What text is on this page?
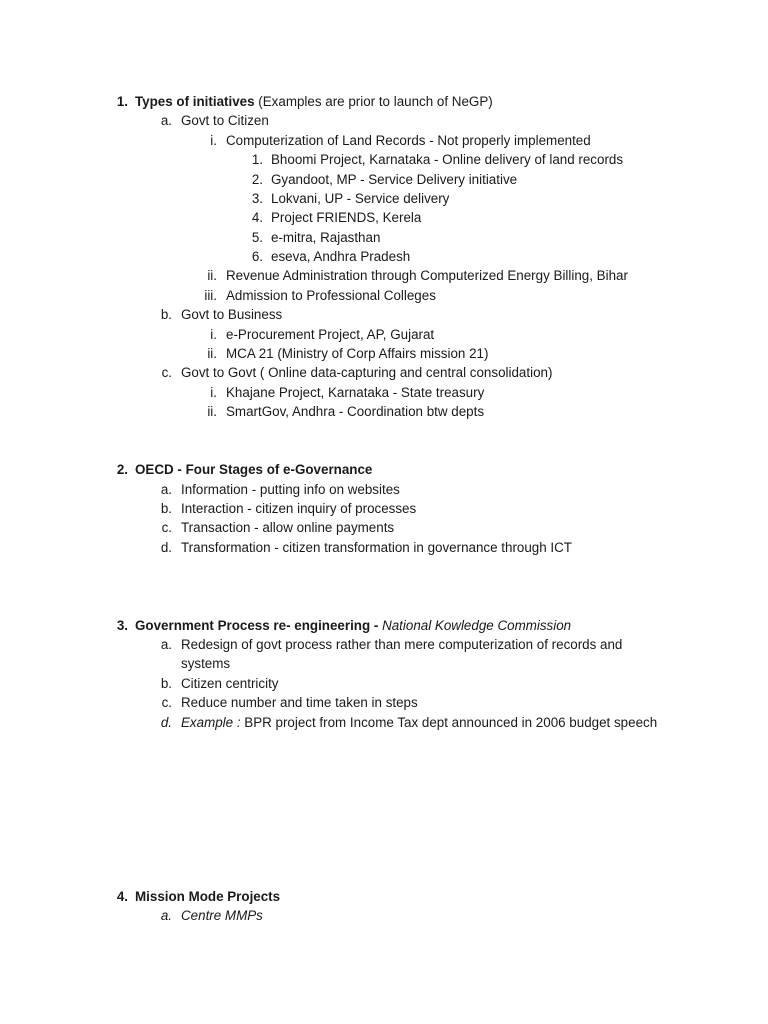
1. Types of initiatives (Examples are prior to launch of NeGP)
a. Govt to Citizen
i. Computerization of Land Records - Not properly implemented
1. Bhoomi Project, Karnataka - Online delivery of land records
2. Gyandoot, MP - Service Delivery initiative
3. Lokvani, UP - Service delivery
4. Project FRIENDS, Kerela
5. e-mitra, Rajasthan
6. eseva, Andhra Pradesh
ii. Revenue Administration through Computerized Energy Billing, Bihar
iii. Admission to Professional Colleges
b. Govt to Business
i. e-Procurement Project, AP, Gujarat
ii. MCA 21 (Ministry of Corp Affairs mission 21)
c. Govt to Govt ( Online data-capturing and central consolidation)
i. Khajane Project, Karnataka - State treasury
ii. SmartGov, Andhra - Coordination btw depts
2. OECD - Four Stages of e-Governance
a. Information - putting info on websites
b. Interaction - citizen inquiry of processes
c. Transaction - allow online payments
d. Transformation - citizen transformation in governance through ICT
3. Government Process re- engineering - National Kowledge Commission
a. Redesign of govt process rather than mere computerization of records and
systems
b. Citizen centricity
c. Reduce number and time taken in steps
d. Example : BPR project from Income Tax dept announced in 2006 budget speech
4. Mission Mode Projects
a. Centre MMPs
